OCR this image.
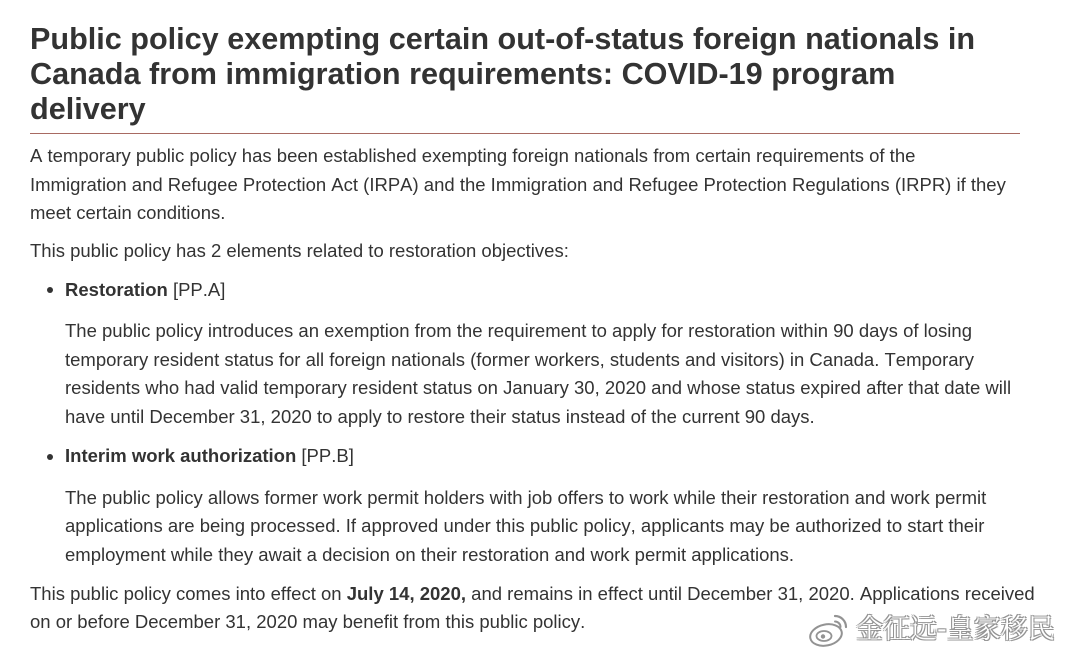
Public policy exempting certain out-of-status foreign nationals in Canada from immigration requirements: COVID-19 program delivery
A temporary public policy has been established exempting foreign nationals from certain requirements of the
Immigration and Refugee Protection Act (IRPA) and the Immigration and Refugee Protection Regulations (IRPR) if they
meet certain conditions.
This public policy has 2 elements related to restoration objectives:
Restoration [PP.A]
The public policy introduces an exemption from the requirement to apply for restoration within 90 days of losing
temporary resident status for all foreign nationals (former workers, students and visitors) in Canada. Temporary
residents who had valid temporary resident status on January 30, 2020 and whose status expired after that date will
have until December 31, 2020 to apply to restore their status instead of the current 90 days.
Interim work authorization [PP.B]
The public policy allows former work permit holders with job offers to work while their restoration and work permit
applications are being processed. If approved under this public policy, applicants may be authorized to start their
employment while they await a decision on their restoration and work permit applications.
This public policy comes into effect on July 14, 2020, and remains in effect until December 31, 2020. Applications received
on or before December 31, 2020 may benefit from this public policy.	金征远-皇家移民
